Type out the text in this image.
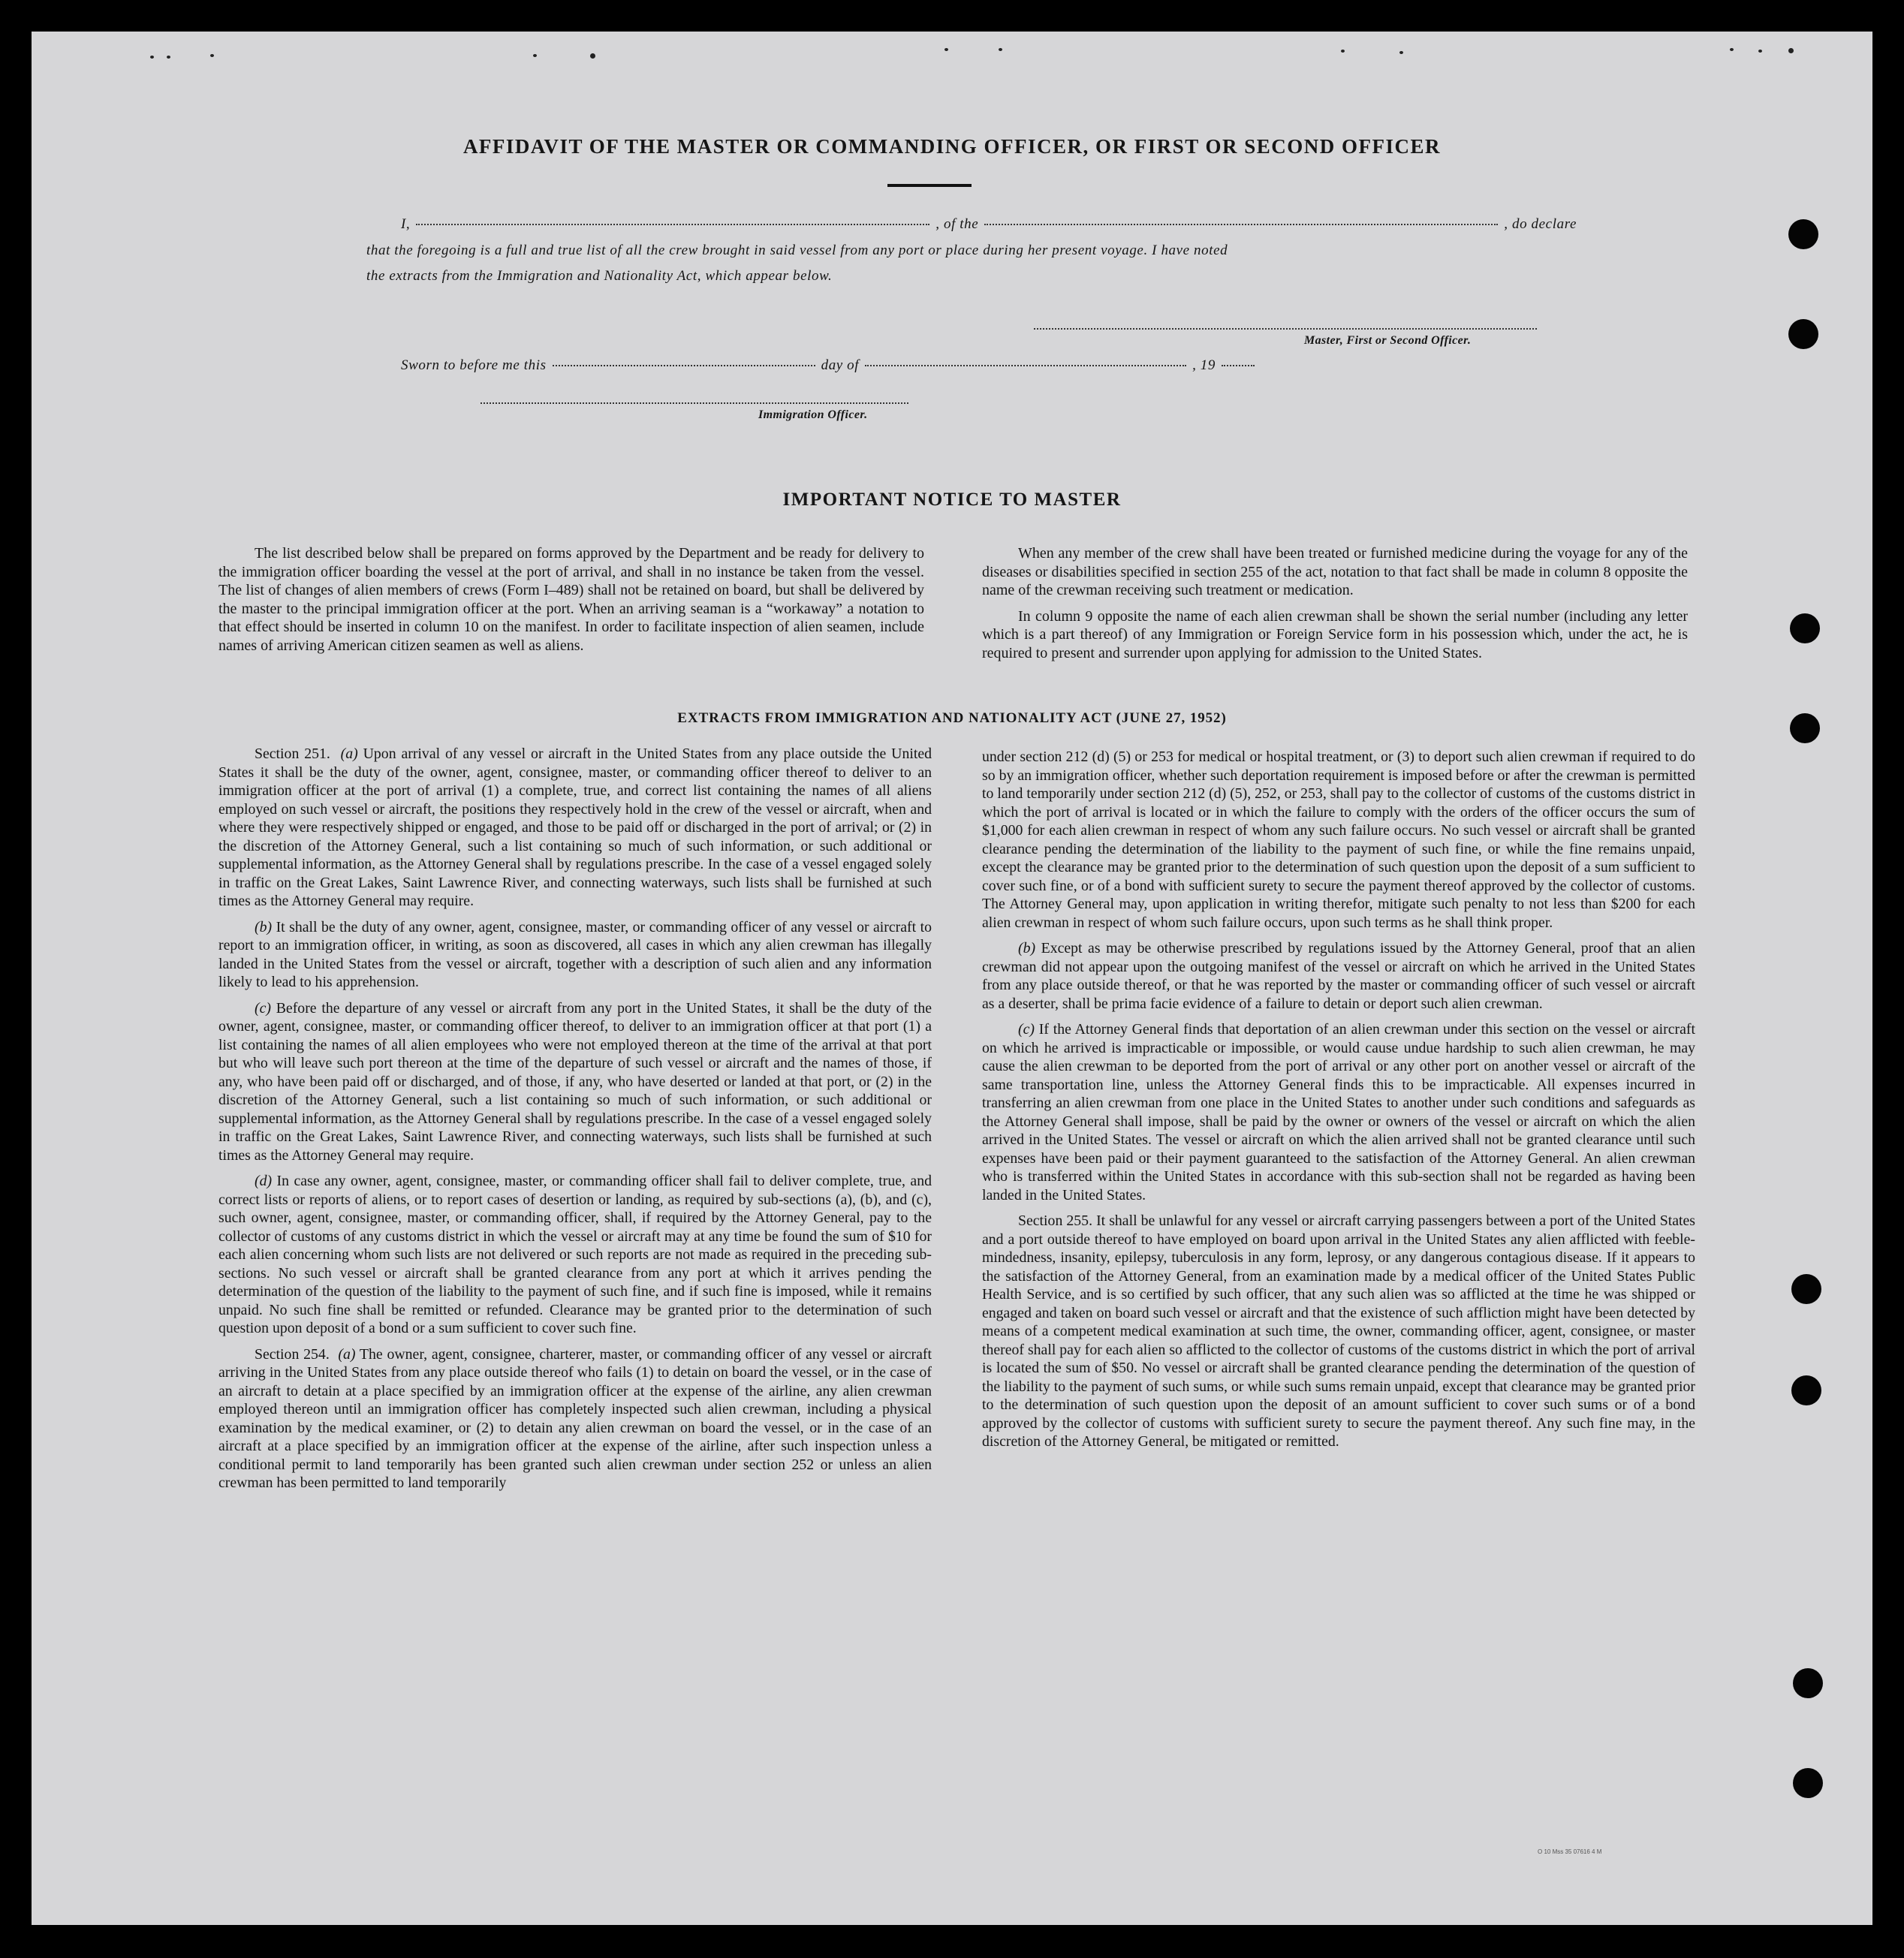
AFFIDAVIT OF THE MASTER OR COMMANDING OFFICER, OR FIRST OR SECOND OFFICER
I,	, of the	, do declare
that the foregoing is a full and true list of all the crew brought in said vessel from any port or place during her present voyage. I have noted
the extracts from the Immigration and Nationality Act, which appear below.
Master, First or Second Officer.
Sworn to before me this	day of	, 19
Immigration Officer.
IMPORTANT NOTICE TO MASTER

The list described below shall be prepared on forms approved by the Department and be ready for delivery to the immigration officer boarding the vessel at the port of arrival, and shall in no instance be taken from the vessel. The list of changes of alien members of crews (Form I–489) shall not be retained on board, but shall be delivered by the master to the principal immigration officer at the port. When an arriving seaman is a “workaway” a notation to that effect should be inserted in column 10 on the manifest. In order to facilitate inspection of alien seamen, include names of arriving American citizen seamen as well as aliens.

When any member of the crew shall have been treated or furnished medicine during the voyage for any of the diseases or disabilities specified in section 255 of the act, notation to that fact shall be made in column 8 opposite the name of the crewman receiving such treatment or medication.

In column 9 opposite the name of each alien crewman shall be shown the serial number (including any letter which is a part thereof) of any Immigration or Foreign Service form in his possession which, under the act, he is required to present and surrender upon applying for admission to the United States.

EXTRACTS FROM IMMIGRATION AND NATIONALITY ACT (JUNE 27, 1952)

Section 251. (a) Upon arrival of any vessel or aircraft in the United States from any place outside the United States it shall be the duty of the owner, agent, consignee, master, or commanding officer thereof to deliver to an immigration officer at the port of arrival (1) a complete, true, and correct list containing the names of all aliens employed on such vessel or aircraft, the positions they respectively hold in the crew of the vessel or aircraft, when and where they were respectively shipped or engaged, and those to be paid off or discharged in the port of arrival; or (2) in the discretion of the Attorney General, such a list containing so much of such information, or such additional or supplemental information, as the Attorney General shall by regulations prescribe. In the case of a vessel engaged solely in traffic on the Great Lakes, Saint Lawrence River, and connecting waterways, such lists shall be furnished at such times as the Attorney General may require.

(b) It shall be the duty of any owner, agent, consignee, master, or commanding officer of any vessel or aircraft to report to an immigration officer, in writing, as soon as discovered, all cases in which any alien crewman has illegally landed in the United States from the vessel or aircraft, together with a description of such alien and any information likely to lead to his apprehension.

(c) Before the departure of any vessel or aircraft from any port in the United States, it shall be the duty of the owner, agent, consignee, master, or commanding officer thereof, to deliver to an immigration officer at that port (1) a list containing the names of all alien employees who were not employed thereon at the time of the arrival at that port but who will leave such port thereon at the time of the departure of such vessel or aircraft and the names of those, if any, who have been paid off or discharged, and of those, if any, who have deserted or landed at that port, or (2) in the discretion of the Attorney General, such a list containing so much of such information, or such additional or supplemental information, as the Attorney General shall by regulations prescribe. In the case of a vessel engaged solely in traffic on the Great Lakes, Saint Lawrence River, and connecting waterways, such lists shall be furnished at such times as the Attorney General may require.

(d) In case any owner, agent, consignee, master, or commanding officer shall fail to deliver complete, true, and correct lists or reports of aliens, or to report cases of desertion or landing, as required by sub-sections (a), (b), and (c), such owner, agent, consignee, master, or commanding officer, shall, if required by the Attorney General, pay to the collector of customs of any customs district in which the vessel or aircraft may at any time be found the sum of $10 for each alien concerning whom such lists are not delivered or such reports are not made as required in the preceding sub-sections. No such vessel or aircraft shall be granted clearance from any port at which it arrives pending the determination of the question of the liability to the payment of such fine, and if such fine is imposed, while it remains unpaid. No such fine shall be remitted or refunded. Clearance may be granted prior to the determination of such question upon deposit of a bond or a sum sufficient to cover such fine.

Section 254. (a) The owner, agent, consignee, charterer, master, or commanding officer of any vessel or aircraft arriving in the United States from any place outside thereof who fails (1) to detain on board the vessel, or in the case of an aircraft to detain at a place specified by an immigration officer at the expense of the airline, any alien crewman employed thereon until an immigration officer has completely inspected such alien crewman, including a physical examination by the medical examiner, or (2) to detain any alien crewman on board the vessel, or in the case of an aircraft at a place specified by an immigration officer at the expense of the airline, after such inspection unless a conditional permit to land temporarily has been granted such alien crewman under section 252 or unless an alien crewman has been permitted to land temporarily

under section 212 (d) (5) or 253 for medical or hospital treatment, or (3) to deport such alien crewman if required to do so by an immigration officer, whether such deportation requirement is imposed before or after the crewman is permitted to land temporarily under section 212 (d) (5), 252, or 253, shall pay to the collector of customs of the customs district in which the port of arrival is located or in which the failure to comply with the orders of the officer occurs the sum of $1,000 for each alien crewman in respect of whom any such failure occurs. No such vessel or aircraft shall be granted clearance pending the determination of the liability to the payment of such fine, or while the fine remains unpaid, except the clearance may be granted prior to the determination of such question upon the deposit of a sum sufficient to cover such fine, or of a bond with sufficient surety to secure the payment thereof approved by the collector of customs. The Attorney General may, upon application in writing therefor, mitigate such penalty to not less than $200 for each alien crewman in respect of whom such failure occurs, upon such terms as he shall think proper.

(b) Except as may be otherwise prescribed by regulations issued by the Attorney General, proof that an alien crewman did not appear upon the outgoing manifest of the vessel or aircraft on which he arrived in the United States from any place outside thereof, or that he was reported by the master or commanding officer of such vessel or aircraft as a deserter, shall be prima facie evidence of a failure to detain or deport such alien crewman.

(c) If the Attorney General finds that deportation of an alien crewman under this section on the vessel or aircraft on which he arrived is impracticable or impossible, or would cause undue hardship to such alien crewman, he may cause the alien crewman to be deported from the port of arrival or any other port on another vessel or aircraft of the same transportation line, unless the Attorney General finds this to be impracticable. All expenses incurred in transferring an alien crewman from one place in the United States to another under such conditions and safeguards as the Attorney General shall impose, shall be paid by the owner or owners of the vessel or aircraft on which the alien arrived in the United States. The vessel or aircraft on which the alien arrived shall not be granted clearance until such expenses have been paid or their payment guaranteed to the satisfaction of the Attorney General. An alien crewman who is transferred within the United States in accordance with this sub-section shall not be regarded as having been landed in the United States.

Section 255. It shall be unlawful for any vessel or aircraft carrying passengers between a port of the United States and a port outside thereof to have employed on board upon arrival in the United States any alien afflicted with feeble-mindedness, insanity, epilepsy, tuberculosis in any form, leprosy, or any dangerous contagious disease. If it appears to the satisfaction of the Attorney General, from an examination made by a medical officer of the United States Public Health Service, and is so certified by such officer, that any such alien was so afflicted at the time he was shipped or engaged and taken on board such vessel or aircraft and that the existence of such affliction might have been detected by means of a competent medical examination at such time, the owner, commanding officer, agent, consignee, or master thereof shall pay for each alien so afflicted to the collector of customs of the customs district in which the port of arrival is located the sum of $50. No vessel or aircraft shall be granted clearance pending the determination of the question of the liability to the payment of such sums, or while such sums remain unpaid, except that clearance may be granted prior to the determination of such question upon the deposit of an amount sufficient to cover such sums or of a bond approved by the collector of customs with sufficient surety to secure the payment thereof. Any such fine may, in the discretion of the Attorney General, be mitigated or remitted.

O 10 Mss 35 07616 4 M
